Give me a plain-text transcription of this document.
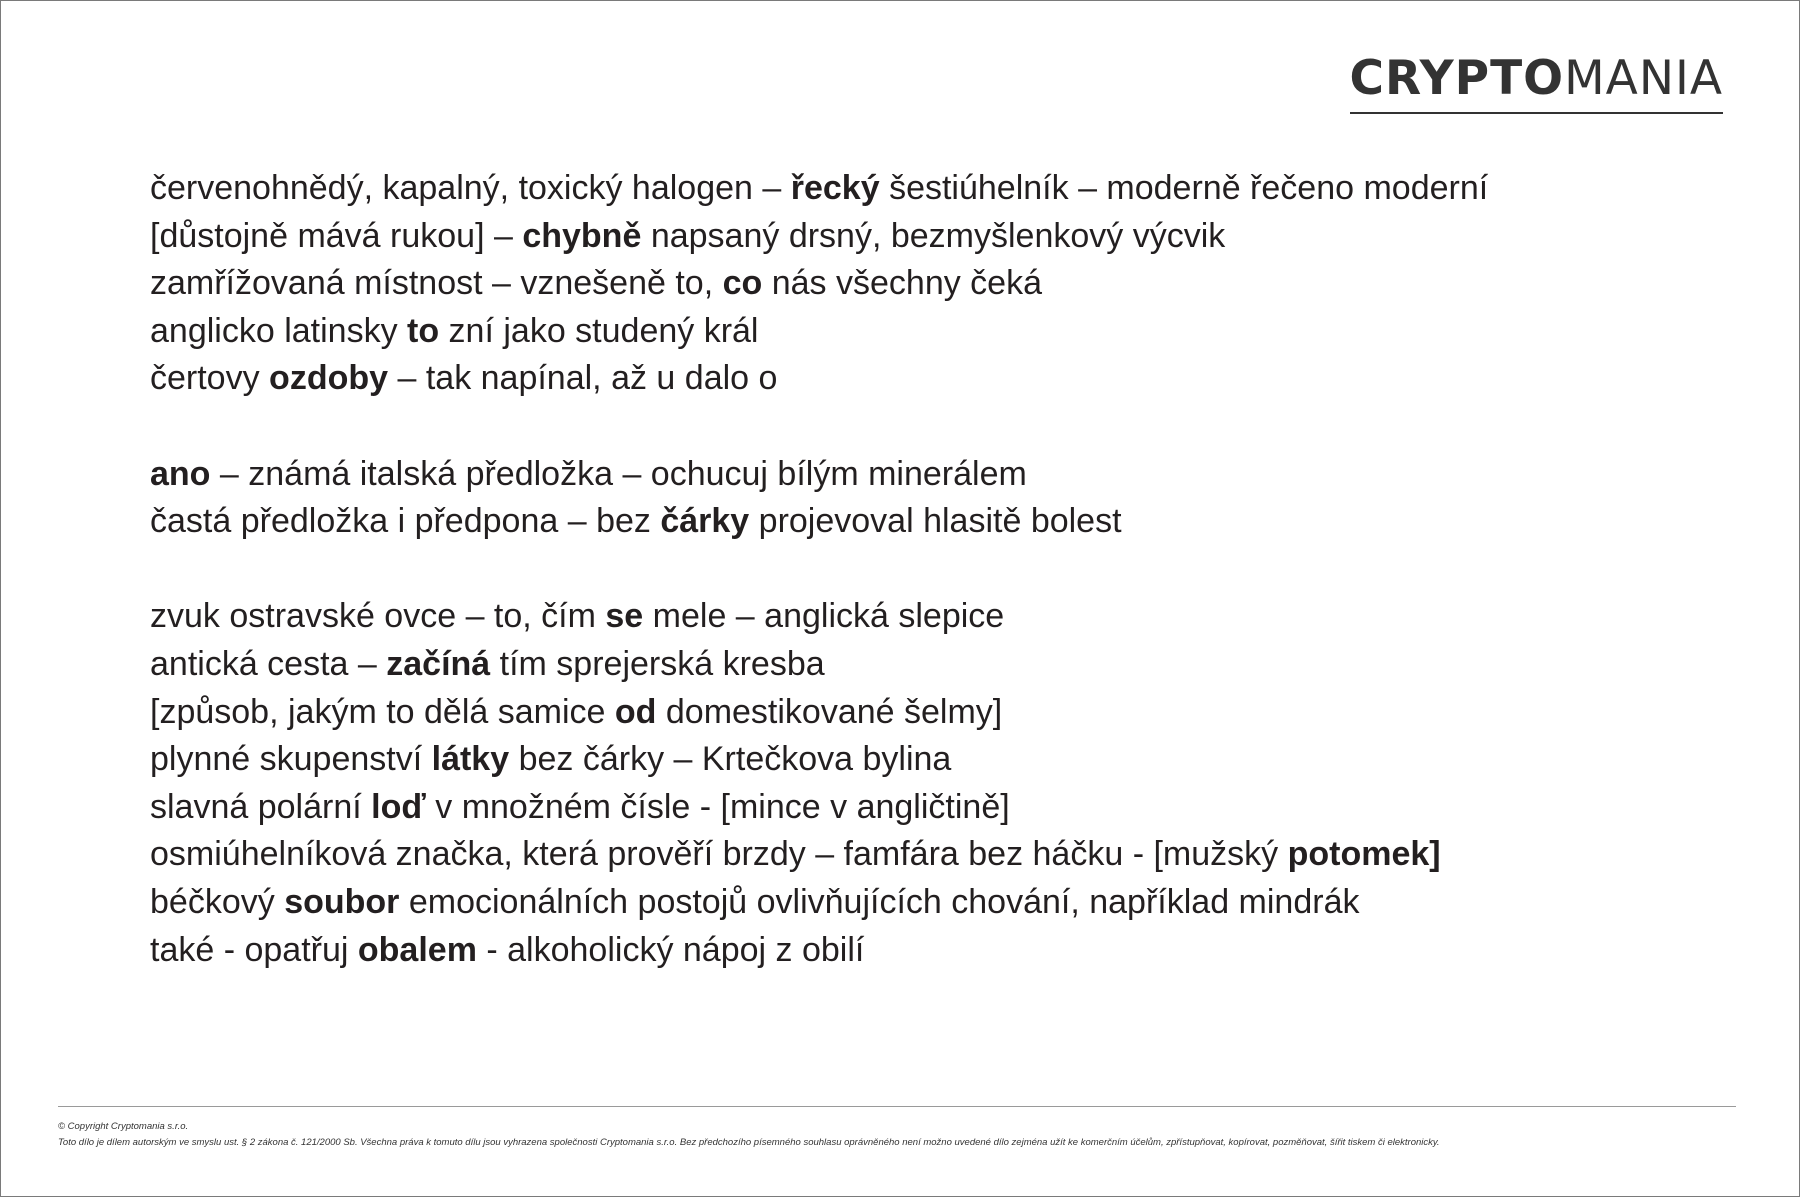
CRYPTOMANIA
červenohnědý, kapalný, toxický halogen – řecký šestiúhelník – moderně řečeno moderní
[důstojně mává rukou] – chybně napsaný drsný, bezmyšlenkový výcvik
zamřížovaná místnost – vznešeně to, co nás všechny čeká
anglicko latinsky to zní jako studený král
čertovy ozdoby – tak napínal, až u dalo o
ano – známá italská předložka – ochucuj bílým minerálem
častá předložka i předpona – bez čárky projevoval hlasitě bolest
zvuk ostravské ovce – to, čím se mele – anglická slepice
antická cesta – začíná tím sprejerská kresba
[způsob, jakým to dělá samice od domestikované šelmy]
plynné skupenství látky bez čárky – Krtečkova bylina
slavná polární loď v množném čísle - [mince v angličtině]
osmiúhelníková značka, která prověří brzdy – famfára bez háčku - [mužský potomek]
béčkový soubor emocionálních postojů ovlivňujících chování, například mindrák
také - opatřuj obalem - alkoholický nápoj z obilí
© Copyright Cryptomania s.r.o.
Toto dílo je dílem autorským ve smyslu ust. § 2 zákona č. 121/2000 Sb. Všechna práva k tomuto dílu jsou vyhrazena společnosti Cryptomania s.r.o. Bez předchozího písemného souhlasu oprávněného není možno uvedené dílo zejména užít ke komerčním účelům, zpřístupňovat, kopírovat, pozměňovat, šířit tiskem či elektronicky.
